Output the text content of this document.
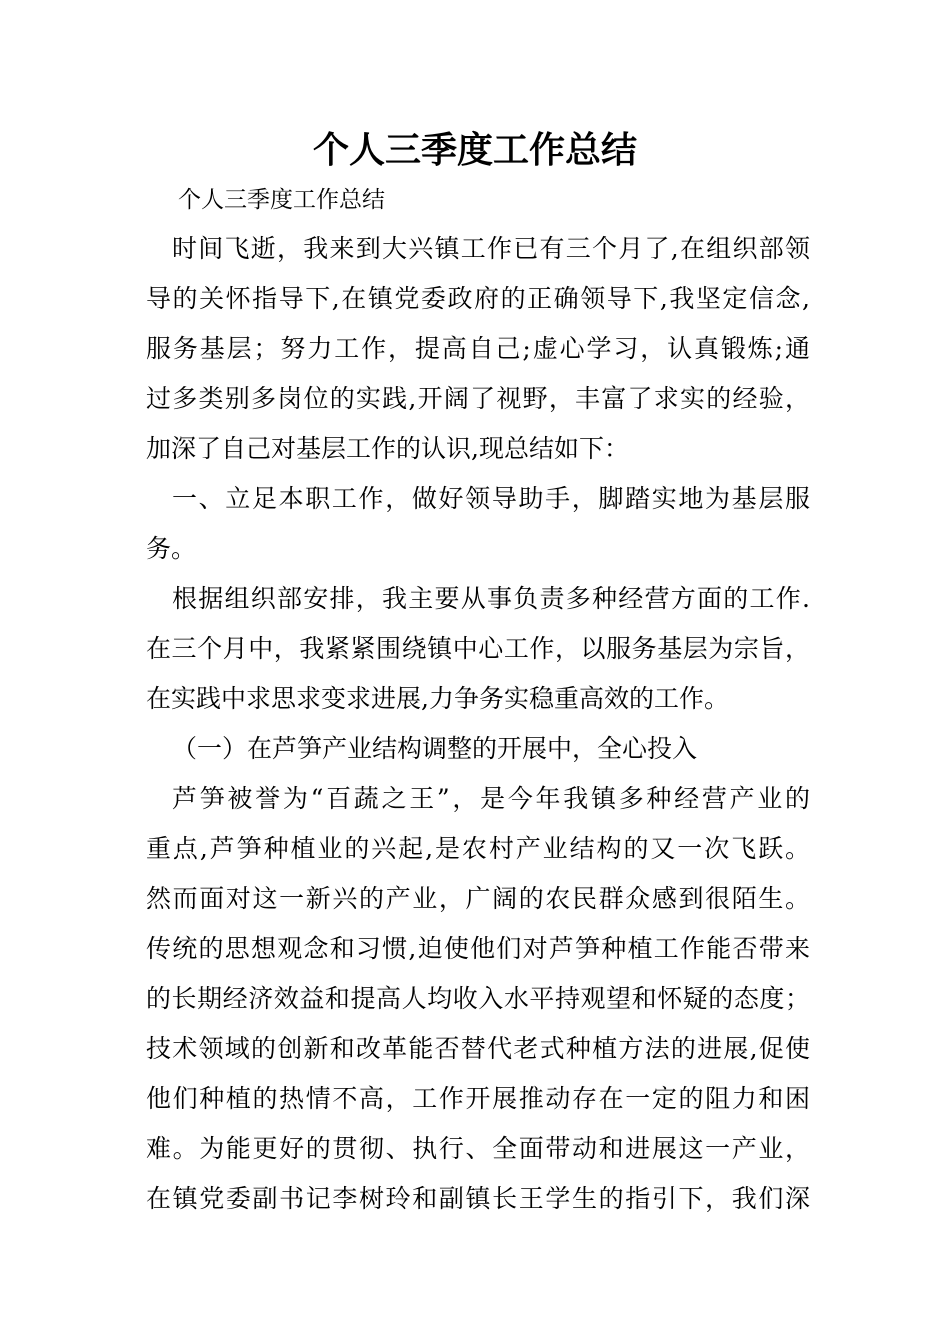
个人三季度工作总结

个人三季度工作总结

时间飞逝，我来到大兴镇工作已有三个月了,在组织部领

导的关怀指导下,在镇党委政府的正确领导下,我坚定信念,

服务基层；努力工作，提高自己;虚心学习，认真锻炼;通

过多类别多岗位的实践,开阔了视野，丰富了求实的经验，

加深了自己对基层工作的认识,现总结如下：

一、立足本职工作，做好领导助手，脚踏实地为基层服

务。

根据组织部安排，我主要从事负责多种经营方面的工作.

在三个月中，我紧紧围绕镇中心工作，以服务基层为宗旨，

在实践中求思求变求进展,力争务实稳重高效的工作。

（一）在芦笋产业结构调整的开展中，全心投入

芦笋被誉为“百蔬之王”，是今年我镇多种经营产业的

重点,芦笋种植业的兴起,是农村产业结构的又一次飞跃。

然而面对这一新兴的产业，广阔的农民群众感到很陌生。

传统的思想观念和习惯,迫使他们对芦笋种植工作能否带来

的长期经济效益和提高人均收入水平持观望和怀疑的态度；

技术领域的创新和改革能否替代老式种植方法的进展,促使

他们种植的热情不高，工作开展推动存在一定的阻力和困

难。为能更好的贯彻、执行、全面带动和进展这一产业，

在镇党委副书记李树玲和副镇长王学生的指引下，我们深
